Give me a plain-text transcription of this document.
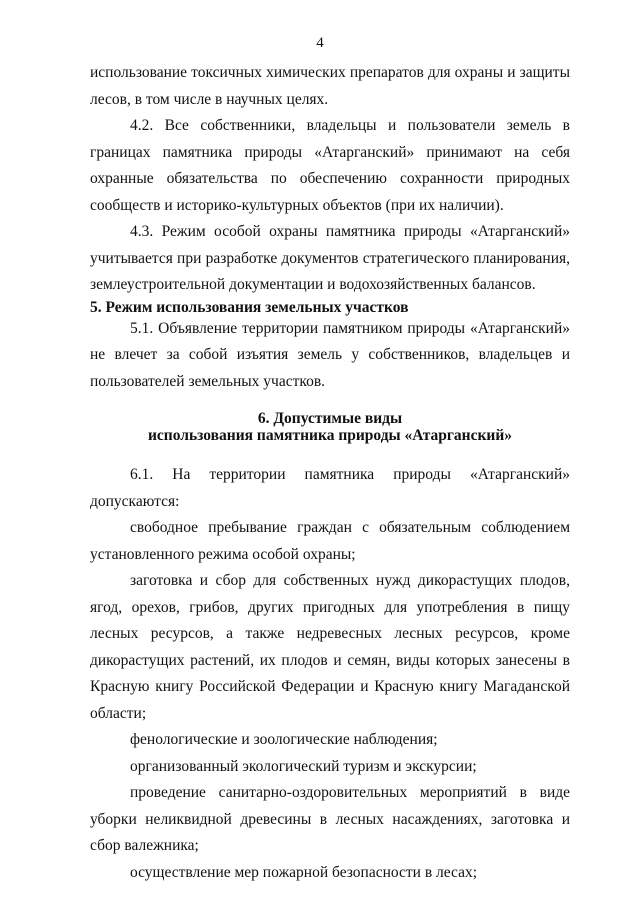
4

использование токсичных химических препаратов для охраны и защиты лесов, в том числе в научных целях.

4.2. Все собственники, владельцы и пользователи земель в границах памятника природы «Атарганский» принимают на себя охранные обязательства по обеспечению сохранности природных сообществ и историко-культурных объектов (при их наличии).

4.3. Режим особой охраны памятника природы «Атарганский» учитывается при разработке документов стратегического планирования, землеустроительной документации и водохозяйственных балансов.

5. Режим использования земельных участков

5.1. Объявление территории памятником природы «Атарганский» не влечет за собой изъятия земель у собственников, владельцев и пользователей земельных участков.

6. Допустимые виды
использования памятника природы «Атарганский»

6.1. На территории памятника природы «Атарганский» допускаются:

свободное пребывание граждан с обязательным соблюдением установленного режима особой охраны;

заготовка и сбор для собственных нужд дикорастущих плодов, ягод, орехов, грибов, других пригодных для употребления в пищу лесных ресурсов, а также недревесных лесных ресурсов, кроме дикорастущих растений, их плодов и семян, виды которых занесены в Красную книгу Российской Федерации и Красную книгу Магаданской области;

фенологические и зоологические наблюдения;

организованный экологический туризм и экскурсии;

проведение санитарно-оздоровительных мероприятий в виде уборки неликвидной древесины в лесных насаждениях, заготовка и сбор валежника;

осуществление мер пожарной безопасности в лесах;
